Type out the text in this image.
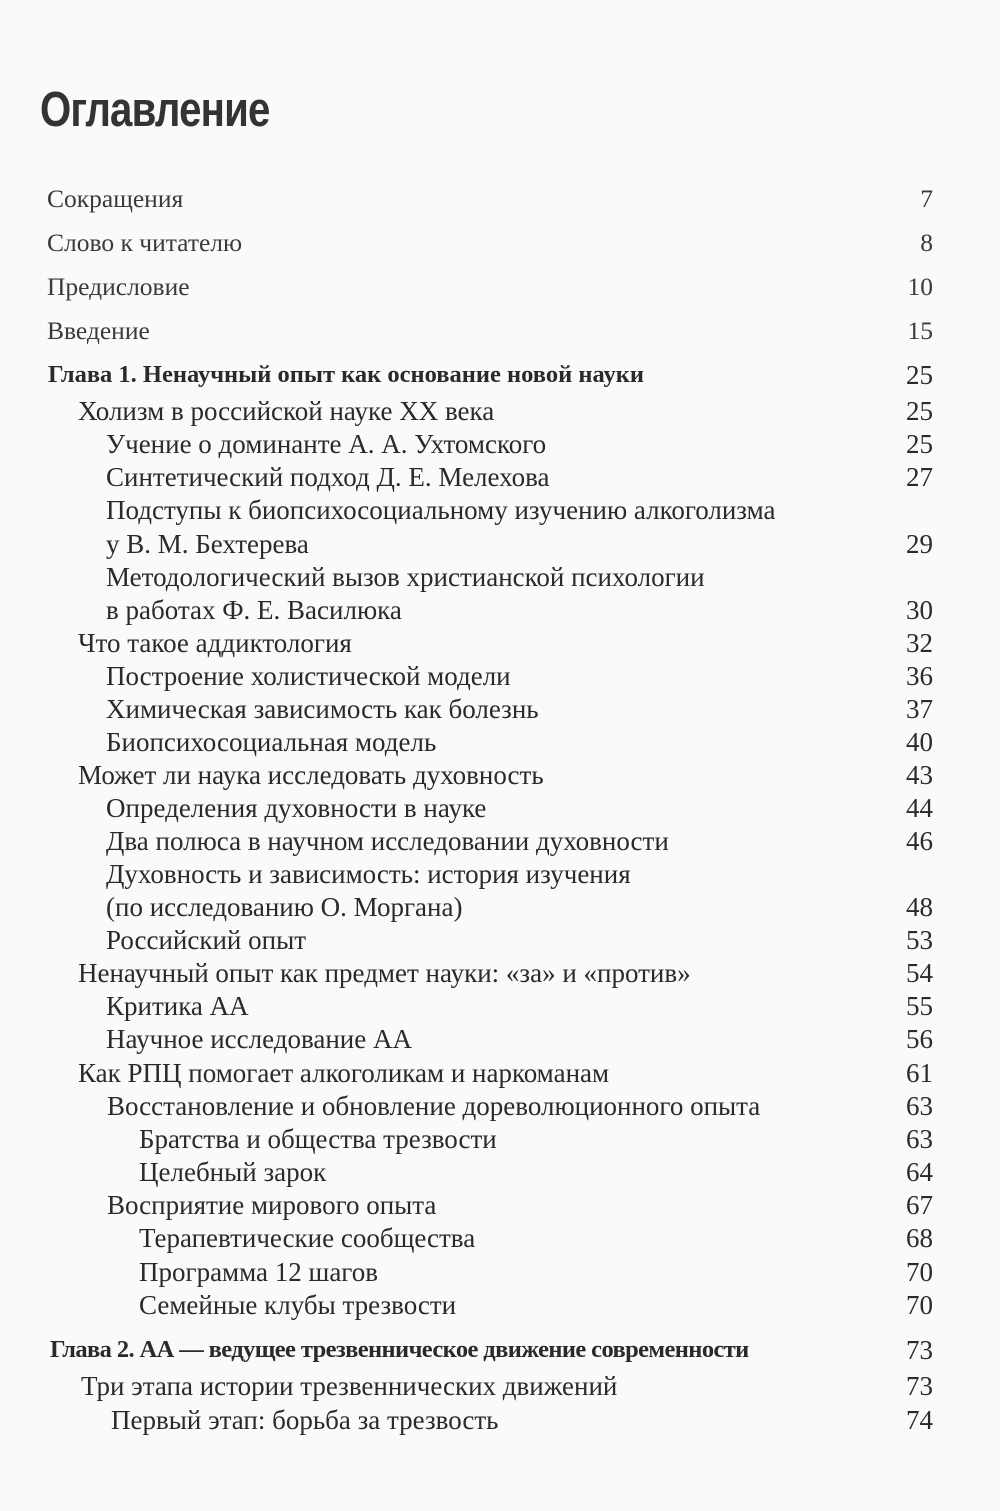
Оглавление
Сокращения	7
Слово к читателю	8
Предисловие	10
Введение	15
Глава 1. Ненаучный опыт как основание новой науки	25
Холизм в российской науке XX века	25
Учение о доминанте А. А. Ухтомского	25
Синтетический подход Д. Е. Мелехова	27
Подступы к биопсихосоциальному изучению алкоголизма
у В. М. Бехтерева	29
Методологический вызов христианской психологии
в работах Ф. Е. Василюка	30
Что такое аддиктология	32
Построение холистической модели	36
Химическая зависимость как болезнь	37
Биопсихосоциальная модель	40
Может ли наука исследовать духовность	43
Определения духовности в науке	44
Два полюса в научном исследовании духовности	46
Духовность и зависимость: история изучения
(по исследованию О. Моргана)	48
Российский опыт	53
Ненаучный опыт как предмет науки: «за» и «против»	54
Критика АА	55
Научное исследование АА	56
Как РПЦ помогает алкоголикам и наркоманам	61
Восстановление и обновление дореволюционного опыта	63
Братства и общества трезвости	63
Целебный зарок	64
Восприятие мирового опыта	67
Терапевтические сообщества	68
Программа 12 шагов	70
Семейные клубы трезвости	70
Глава 2. АА — ведущее трезвенническое движение современности	73
Три этапа истории трезвеннических движений	73
Первый этап: борьба за трезвость	74
